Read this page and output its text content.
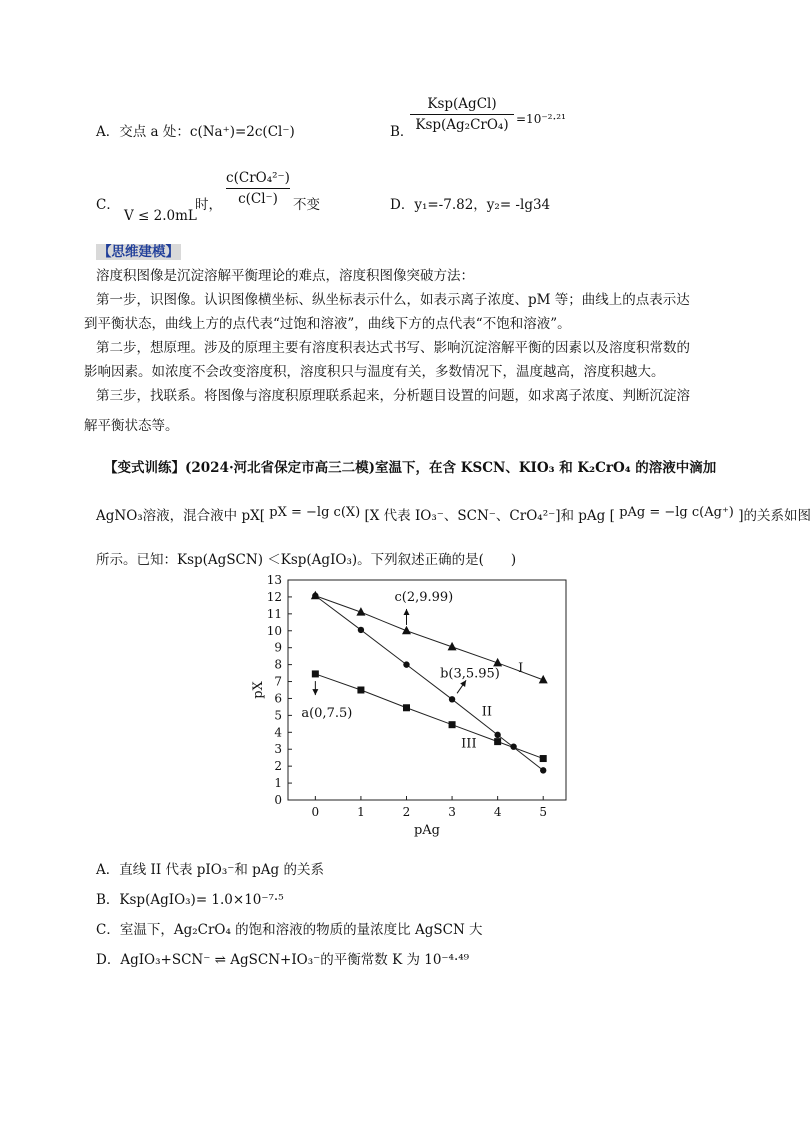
A．交点 a 处：c(Na⁺)=2c(Cl⁻)	B．
Ksp(AgCl)
Ksp(Ag₂CrO₄) =10⁻²·²¹
C．
V ≤ 2.0mL
时，
c(CrO₄²⁻)
c(Cl⁻)	不变	D．y₁=-7.82，y₂= -lg34
【思维建模】
溶度积图像是沉淀溶解平衡理论的难点，溶度积图像突破方法：
第一步，识图像。认识图像横坐标、纵坐标表示什么，如表示离子浓度、pM 等；曲线上的点表示达
到平衡状态，曲线上方的点代表“过饱和溶液”，曲线下方的点代表“不饱和溶液”。
第二步，想原理。涉及的原理主要有溶度积表达式书写、影响沉淀溶解平衡的因素以及溶度积常数的
影响因素。如浓度不会改变溶度积，溶度积只与温度有关，多数情况下，温度越高，溶度积越大。
第三步，找联系。将图像与溶度积原理联系起来，分析题目设置的问题，如求离子浓度、判断沉淀溶
解平衡状态等。
【变式训练】(2024·河北省保定市高三二模)室温下，在含 KSCN、KIO₃ 和 K₂CrO₄ 的溶液中滴加
AgNO₃溶液，混合液中 pX[ pX = −lg c(X) [X 代表 IO₃⁻、SCN⁻、CrO₄²⁻]和 pAg [ pAg = −lg c(Ag⁺) ]的关系如图
所示。已知：Ksp(AgSCN) ＜Ksp(AgIO₃)。下列叙述正确的是(　　)
0
1
2
3
4
5
6
7
8
9
10
11
12
13
0	1	2	3	4	5
pAg
pX
I
II
III
c(2,9.99)
b(3,5.95)
a(0,7.5)
A．直线 II 代表 pIO₃⁻和 pAg 的关系
B．Ksp(AgIO₃)= 1.0×10⁻⁷·⁵
C．室温下，Ag₂CrO₄ 的饱和溶液的物质的量浓度比 AgSCN 大
D．AgIO₃+SCN⁻ ⇌ AgSCN+IO₃⁻的平衡常数 K 为 10⁻⁴·⁴⁹
